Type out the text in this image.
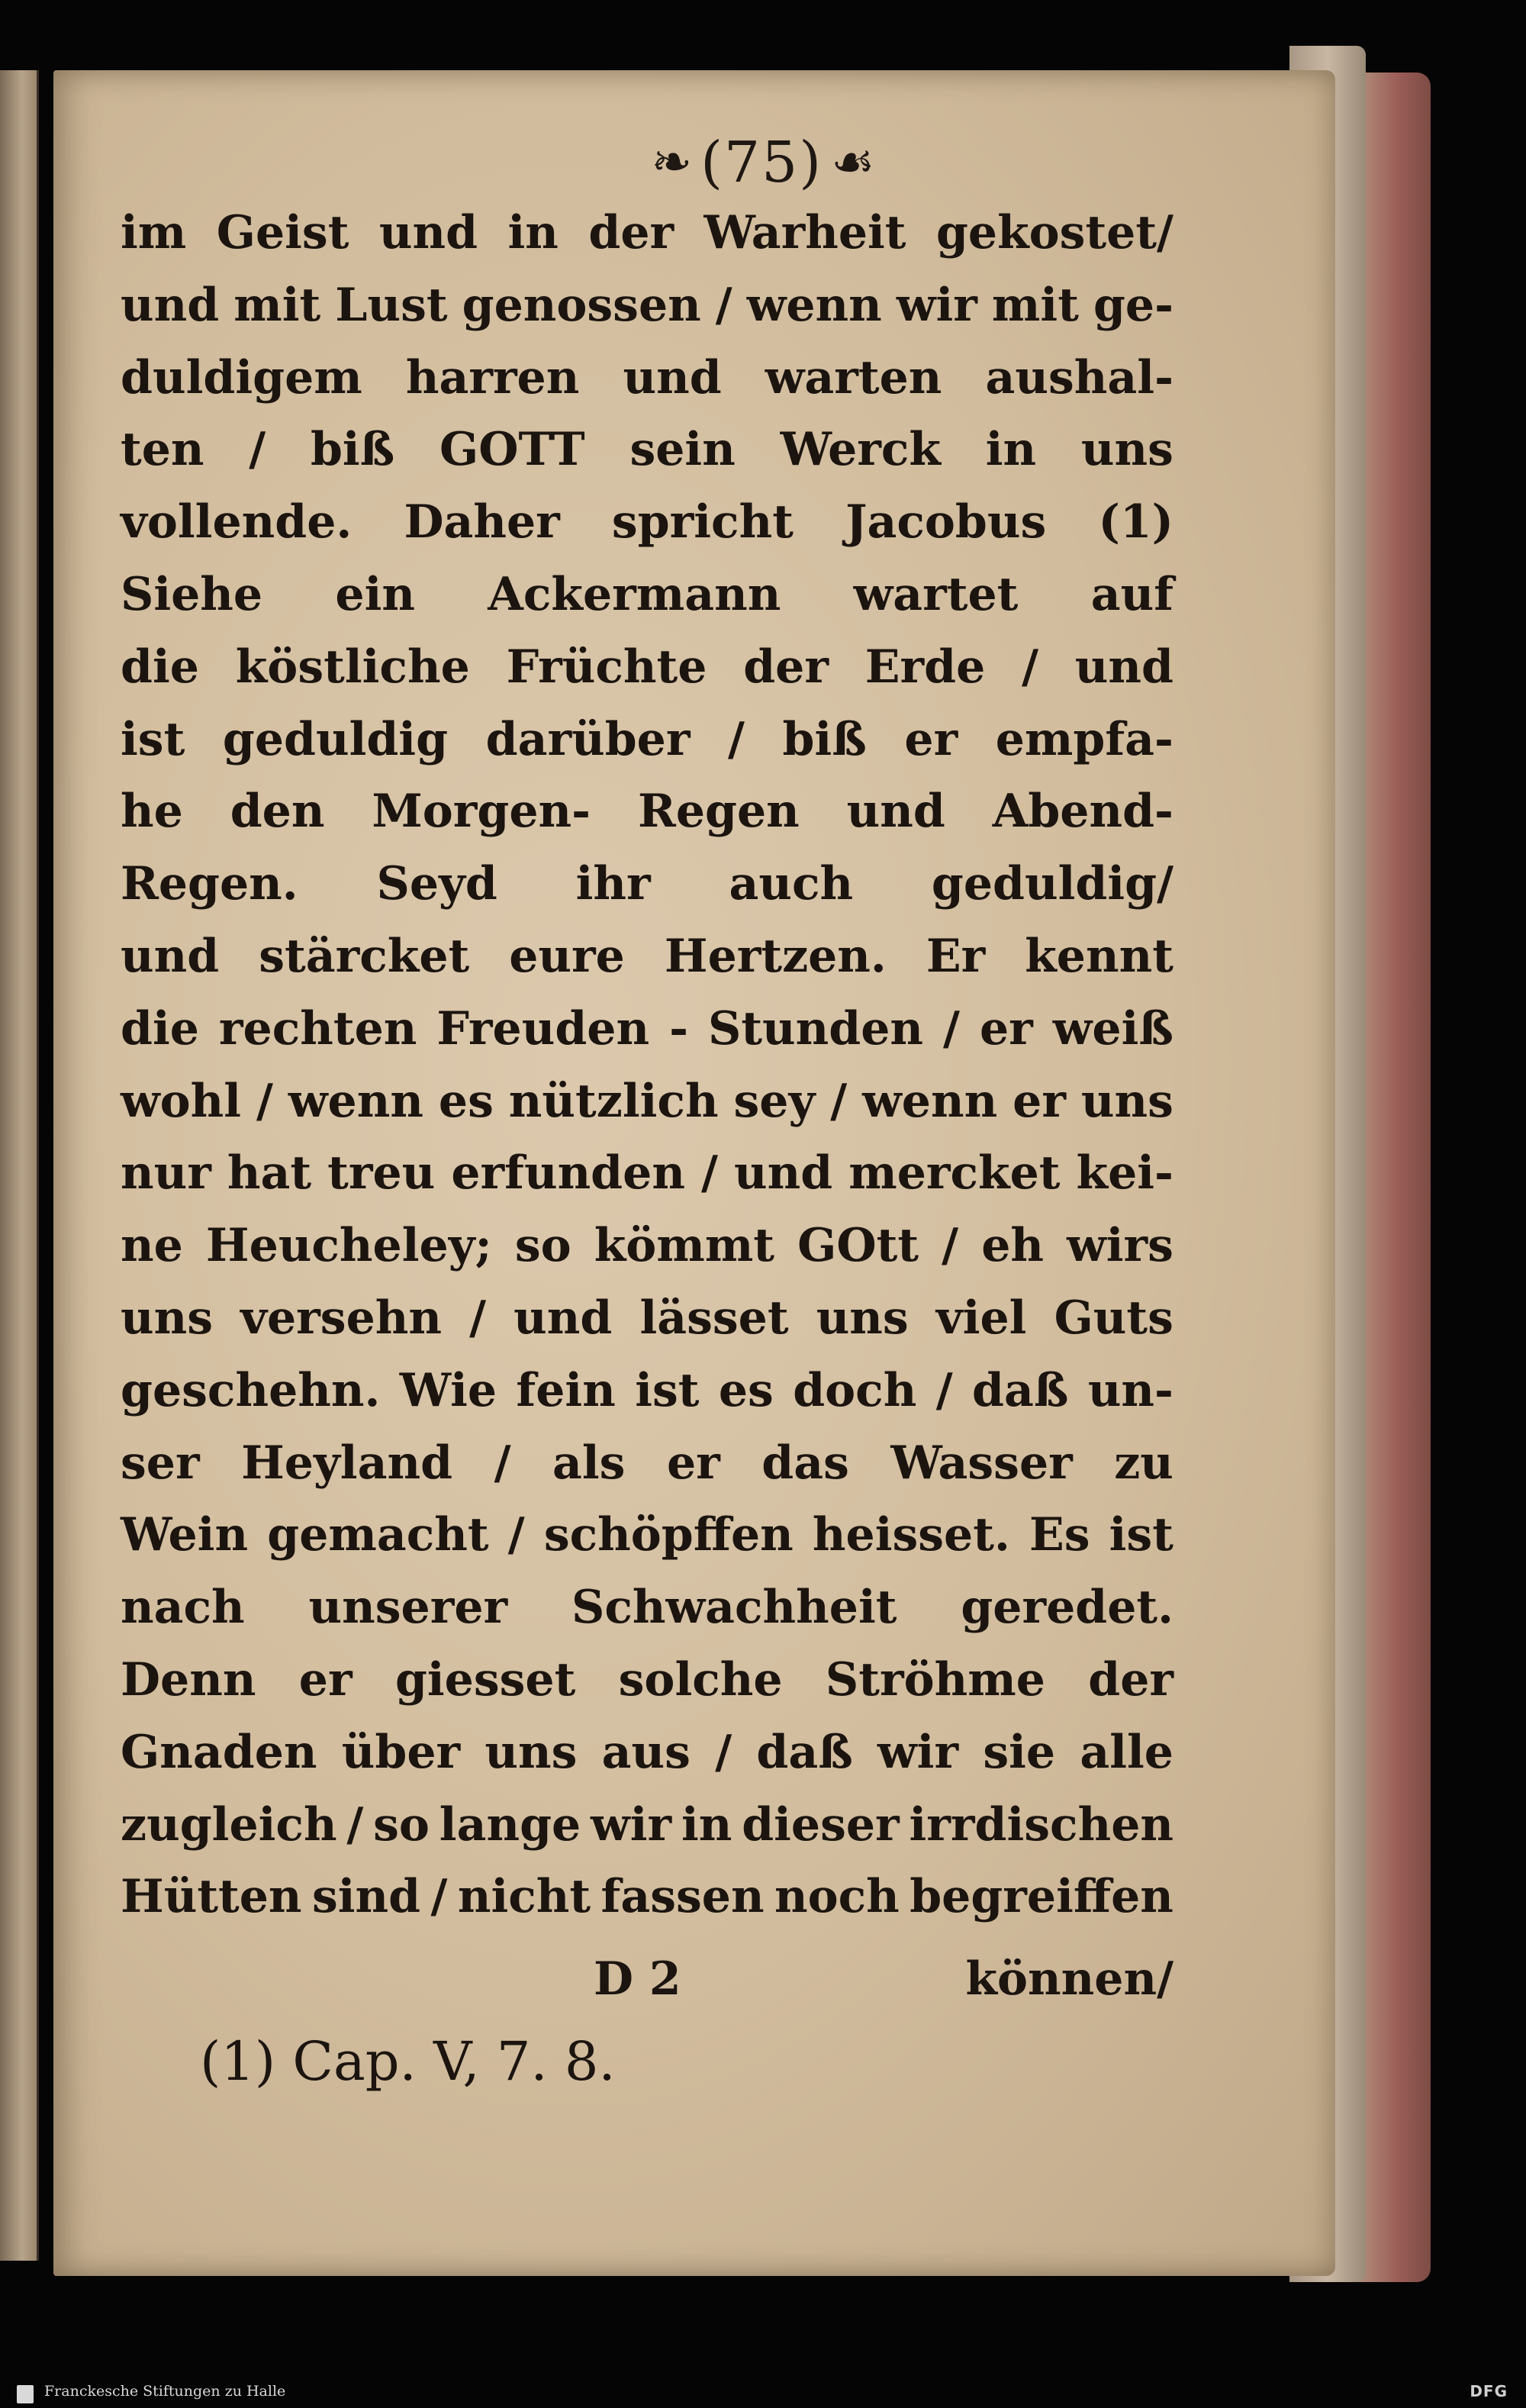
❧ (75) ☙
im Geist und in der Warheit gekostet/
und mit Lust genossen / wenn wir mit ge-
duldigem harren und warten aushal-
ten / biß GOTT sein Werck in uns
vollende. Daher spricht Jacobus (1)
Siehe ein Ackermann wartet auf
die köstliche Früchte der Erde / und
ist geduldig darüber / biß er empfa-
he den Morgen- Regen und Abend-
Regen. Seyd ihr auch geduldig/
und stärcket eure Hertzen. Er kennt
die rechten Freuden - Stunden / er weiß
wohl / wenn es nützlich sey / wenn er uns
nur hat treu erfunden / und mercket kei-
ne Heucheley; so kömmt GOtt / eh wirs
uns versehn / und lässet uns viel Guts
geschehn. Wie fein ist es doch / daß un-
ser Heyland / als er das Wasser zu
Wein gemacht / schöpffen heisset. Es ist
nach unserer Schwachheit geredet.
Denn er giesset solche Ströhme der
Gnaden über uns aus / daß wir sie alle
zugleich / so lange wir in dieser irrdischen
Hütten sind / nicht fassen noch begreiffen
D 2	können/
(1) Cap. V, 7. 8.
Franckesche Stiftungen zu Halle	DFG
